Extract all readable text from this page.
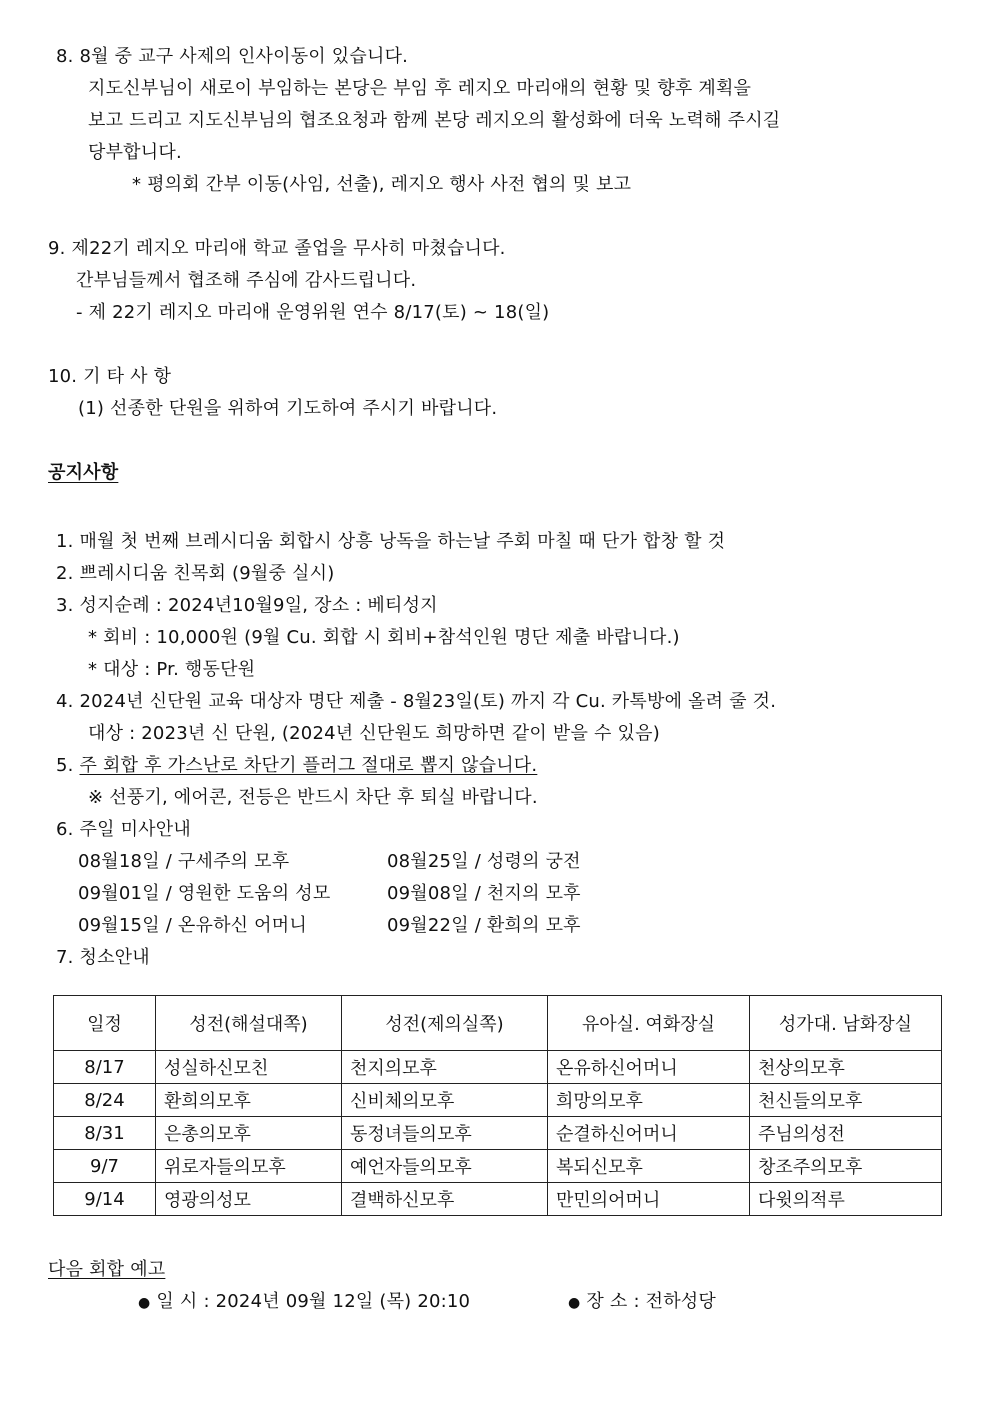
8. 8월 중 교구 사제의 인사이동이 있습니다.
지도신부님이 새로이 부임하는 본당은 부임 후 레지오 마리애의 현황 및 향후 계획을
보고 드리고 지도신부님의 협조요청과 함께 본당 레지오의 활성화에 더욱 노력해 주시길
당부합니다.
* 평의회 간부 이동(사임, 선출), 레지오 행사 사전 협의 및 보고
9. 제22기 레지오 마리애 학교 졸업을 무사히 마쳤습니다.
간부님들께서 협조해 주심에 감사드립니다.
- 제 22기 레지오 마리애 운영위원 연수 8/17(토) ~ 18(일)
10. 기 타 사 항
(1) 선종한 단원을 위하여 기도하여 주시기 바랍니다.
공지사항
1. 매월 첫 번째 브레시디움 회합시 상흥 낭독을 하는날 주회 마칠 때 단가 합창 할 것
2. 쁘레시디움 친목회 (9월중 실시)
3. 성지순례 : 2024년10월9일, 장소 : 베티성지
* 회비 : 10,000원 (9월 Cu. 회합 시 회비+참석인원 명단 제출 바랍니다.)
* 대상 : Pr. 행동단원
4. 2024년 신단원 교육 대상자 명단 제출 - 8월23일(토) 까지 각 Cu. 카톡방에 올려 줄 것.
대상 : 2023년 신 단원, (2024년 신단원도 희망하면 같이 받을 수 있음)
5. 주 회합 후 가스난로 차단기 플러그 절대로 뽑지 않습니다.
※ 선풍기, 에어콘, 전등은 반드시 차단 후 퇴실 바랍니다.
6. 주일 미사안내
08월18일 / 구세주의 모후	08월25일 / 성령의 궁전
09월01일 / 영원한 도움의 성모	09월08일 / 천지의 모후
09월15일 / 온유하신 어머니	09월22일 / 환희의 모후
7. 청소안내
일정	성전(해설대쪽)	성전(제의실쪽)	유아실. 여화장실	성가대. 남화장실
8/17	성실하신모친	천지의모후	온유하신어머니	천상의모후
8/24	환희의모후	신비체의모후	희망의모후	천신들의모후
8/31	은총의모후	동정녀들의모후	순결하신어머니	주님의성전
9/7	위로자들의모후	예언자들의모후	복되신모후	창조주의모후
9/14	영광의성모	결백하신모후	만민의어머니	다윗의적루
다음 회합 예고
● 일 시 : 2024년 09월 12일 (목) 20:10	● 장 소 : 전하성당
